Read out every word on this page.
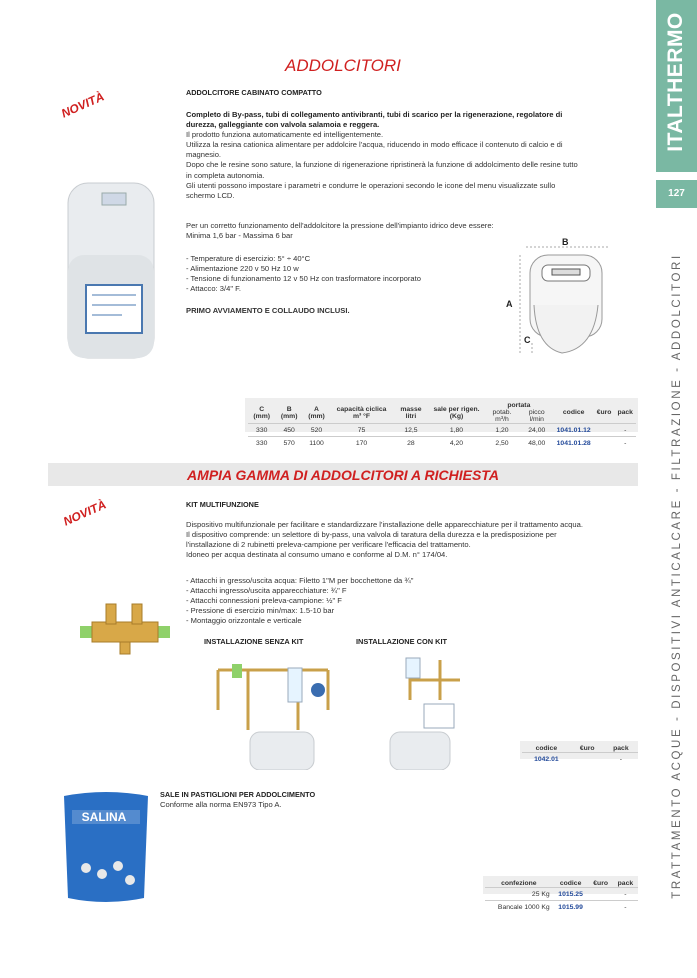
ITALTHERMO
127
TRATTAMENTO ACQUE - DISPOSITIVI ANTICALCARE - FILTRAZIONE - ADDOLCITORI
ADDOLCITORI
NOVITÀ	ADDOLCITORE CABINATO COMPATTO
Completo di By-pass, tubi di collegamento antivibranti, tubi di scarico per la rigenerazione, regolatore di durezza, galleggiante con valvola salamoia e reggera.
Il prodotto funziona automaticamente ed intelligentemente.
Utilizza la resina cationica alimentare per addolcire l'acqua, riducendo in modo efficace il contenuto di calcio e di magnesio.
Dopo che le resine sono sature, la funzione di rigenerazione ripristinerà la funzione di addolcimento delle resine tutto in completa autonomia.
Gli utenti possono impostare i parametri e condurre le operazioni secondo le icone del menu visualizzate sullo schermo LCD.
Per un corretto funzionamento dell'addolcitore la pressione dell'impianto idrico deve essere:
Minima 1,6 bar - Massima 6 bar
- Temperature di esercizio: 5° ÷ 40°C
- Alimentazione 220 v 50 Hz 10 w
- Tensione di funzionamento 12 v 50 Hz con trasformatore incorporato
- Attacco: 3/4" F.
PRIMO AVVIAMENTO E COLLAUDO INCLUSI.
B
A
C
C (mm)	B (mm)	A (mm)	capacità ciclica m³ °F	masse litri	sale per rigen. (Kg)	portata		codice	€uro	pack
						potab. m³/h	picco l/min			
330	450	520	75	12,5	1,80	1,20	24,00	1041.01.12		-
330	570	1100	170	28	4,20	2,50	48,00	1041.01.28		-
AMPIA GAMMA DI ADDOLCITORI A RICHIESTA
NOVITÀ	KIT MULTIFUNZIONE
Dispositivo multifunzionale per facilitare e standardizzare l'installazione delle apparecchiature per il trattamento acqua.
Il dispositivo comprende: un selettore di by-pass, una valvola di taratura della durezza e la predisposizione per l'installazione di 2 rubinetti preleva-campione per verificare l'efficacia del trattamento.
Idoneo per acqua destinata al consumo umano e conforme al D.M. n° 174/04.
- Attacchi in gresso/uscita acqua: Filetto 1"M per bocchettone da ¾"
- Attacchi ingresso/uscita apparecchiature: ¾" F
- Attacchi connessioni preleva-campione: ½" F
- Pressione di esercizio min/max: 1.5-10 bar
- Montaggio orizzontale e verticale
INSTALLAZIONE SENZA KIT	INSTALLAZIONE CON KIT
codice	€uro	pack
1042.01		-
SALE IN PASTIGLIONI PER ADDOLCIMENTO
Conforme alla norma EN973 Tipo A.
SALINA
confezione	codice	€uro	pack
25 Kg	1015.25		-
Bancale 1000 Kg	1015.99		-
